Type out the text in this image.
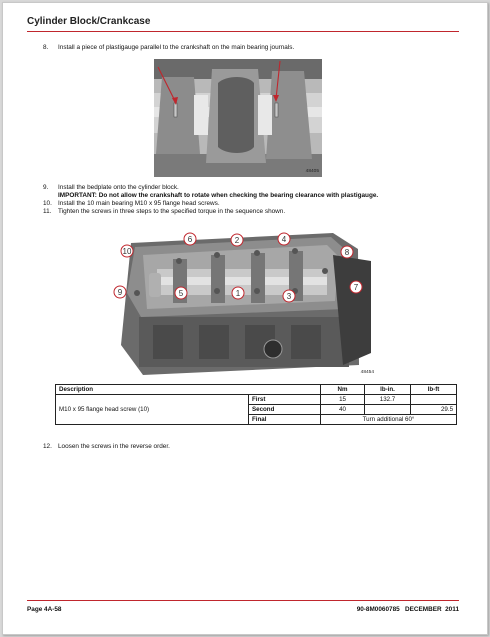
Cylinder Block/Crankcase
8.	Install a piece of plastigauge parallel to the crankshaft on the main bearing journals.
48405
9.	Install the bedplate onto the cylinder block.
IMPORTANT: Do not allow the crankshaft to rotate when checking the bearing clearance with plastigauge.
10. Install the 10 main bearing M10 x 95 flange head screws.
11.	Tighten the screws in three steps to the specified torque in the sequence shown.
10
6	2	4
8
9	5	1	3
7
48454
Description		Nm	lb-in.	lb-ft
M10 x 95 flange head screw (10)	First	15	132.7	
	Second	40		29.5
	Final	Turn additional 60°		
12. Loosen the screws in the reverse order.
Page 4A-58	90-8M0060785   DECEMBER  2011
